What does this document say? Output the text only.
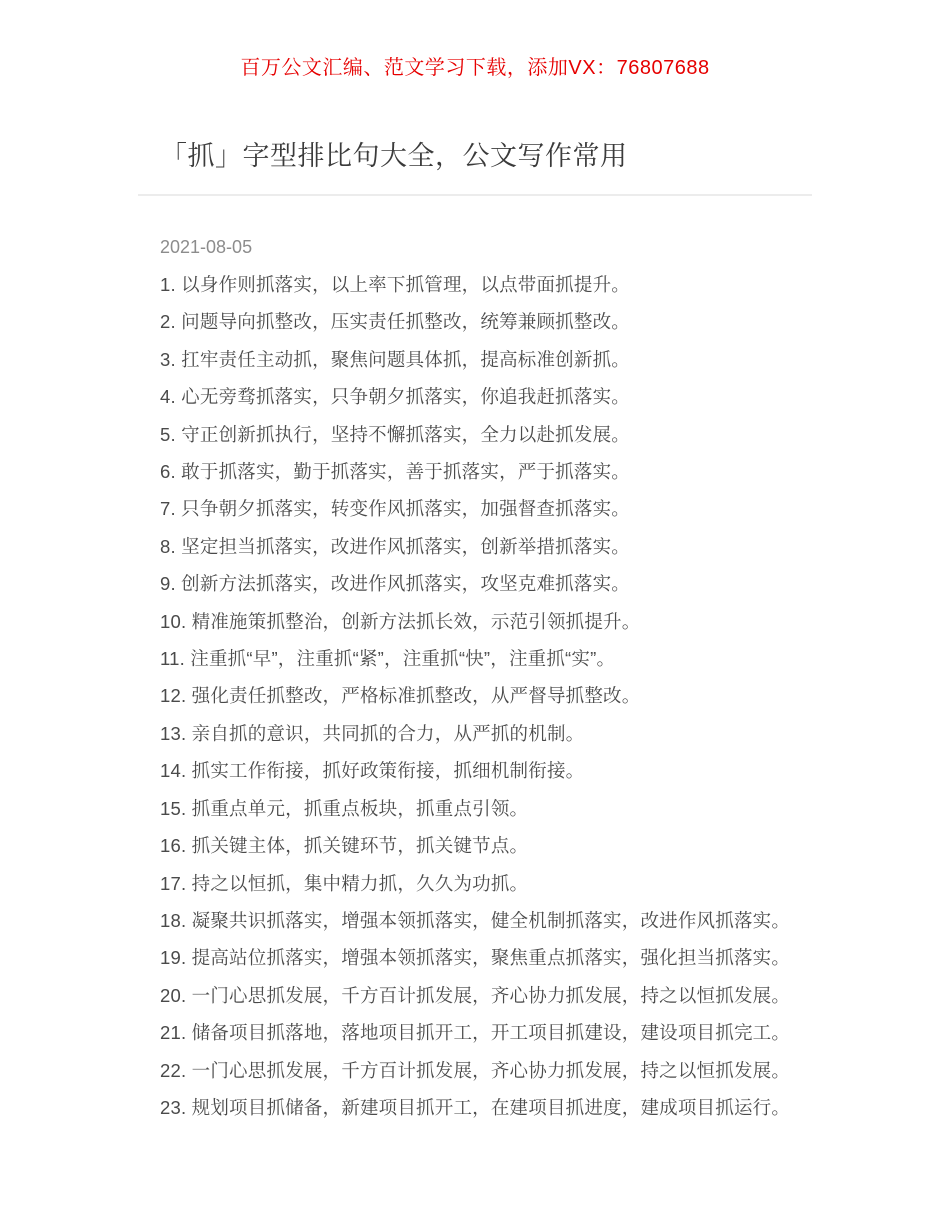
百万公文汇编、范文学习下载，添加VX：76807688
「抓」字型排比句大全，公文写作常用

2021-08-05

1. 以身作则抓落实，以上率下抓管理，以点带面抓提升。

2. 问题导向抓整改，压实责任抓整改，统筹兼顾抓整改。

3. 扛牢责任主动抓，聚焦问题具体抓，提高标准创新抓。

4. 心无旁骛抓落实，只争朝夕抓落实，你追我赶抓落实。

5. 守正创新抓执行，坚持不懈抓落实，全力以赴抓发展。

6. 敢于抓落实，勤于抓落实，善于抓落实，严于抓落实。

7. 只争朝夕抓落实，转变作风抓落实，加强督查抓落实。

8. 坚定担当抓落实，改进作风抓落实，创新举措抓落实。

9. 创新方法抓落实，改进作风抓落实，攻坚克难抓落实。

10. 精准施策抓整治，创新方法抓长效，示范引领抓提升。

11. 注重抓“早”，注重抓“紧”，注重抓“快”，注重抓“实”。

12. 强化责任抓整改，严格标准抓整改，从严督导抓整改。

13. 亲自抓的意识，共同抓的合力，从严抓的机制。

14. 抓实工作衔接，抓好政策衔接，抓细机制衔接。

15. 抓重点单元，抓重点板块，抓重点引领。

16. 抓关键主体，抓关键环节，抓关键节点。

17. 持之以恒抓，集中精力抓，久久为功抓。

18. 凝聚共识抓落实，增强本领抓落实，健全机制抓落实，改进作风抓落实。

19. 提高站位抓落实，增强本领抓落实，聚焦重点抓落实，强化担当抓落实。

20. 一门心思抓发展，千方百计抓发展，齐心协力抓发展，持之以恒抓发展。

21. 储备项目抓落地，落地项目抓开工，开工项目抓建设，建设项目抓完工。

22. 一门心思抓发展，千方百计抓发展，齐心协力抓发展，持之以恒抓发展。

23. 规划项目抓储备，新建项目抓开工，在建项目抓进度，建成项目抓运行。
